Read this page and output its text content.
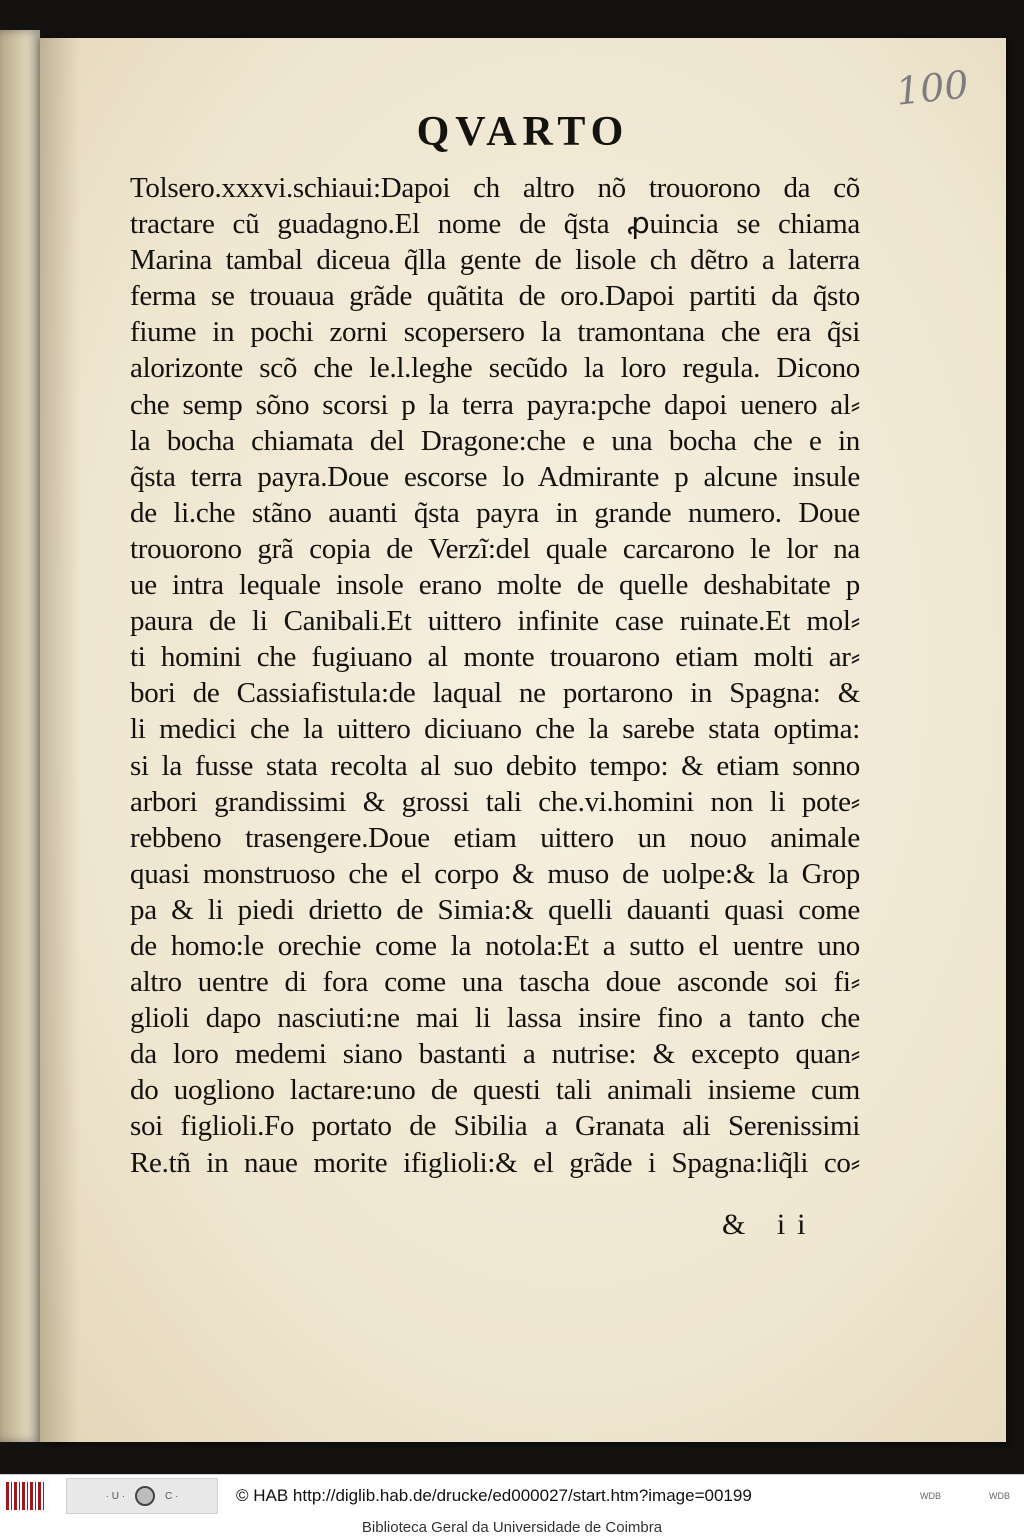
100
QVARTO
Tolsero.xxxvi.schiaui:Dapoi ch altro nõ trouorono da cõ
tractare cũ guadagno.El nome de q̃sta ꝓuincia se chiama
Marina tambal diceua q̃lla gente de lisole ch dẽtro a laterra
ferma se trouaua grãde quãtita de oro.Dapoi partiti da q̃sto
fiume in pochi zorni scopersero la tramontana che era q̃si
alorizonte scõ che le.l.leghe secũdo la loro regula. Dicono
che semp sõno scorsi p la terra payra:pche dapoi uenero al⸗
la bocha chiamata del Dragone:che e una bocha che e in
q̃sta terra payra.Doue escorse lo Admirante p alcune insule
de li.che stãno auanti q̃sta payra in grande numero. Doue
trouorono grã copia de Verzĩ:del quale carcarono le lor na
ue intra lequale insole erano molte de quelle deshabitate p
paura de li Canibali.Et uittero infinite case ruinate.Et mol⸗
ti homini che fugiuano al monte trouarono etiam molti ar⸗
bori de Cassiafistula:de laqual ne portarono in Spagna: &
li medici che la uittero diciuano che la sarebe stata optima:
si la fusse stata recolta al suo debito tempo: & etiam sonno
arbori grandissimi & grossi tali che.vi.homini non li pote⸗
rebbeno trasengere.Doue etiam uittero un nouo animale
quasi monstruoso che el corpo & muso de uolpe:& la Grop
pa & li piedi drietto de Simia:& quelli dauanti quasi come
de homo:le orechie come la notola:Et a sutto el uentre uno
altro uentre di fora come una tascha doue asconde soi fi⸗
glioli dapo nasciuti:ne mai li lassa insire fino a tanto che
da loro medemi siano bastanti a nutrise: & excepto quan⸗
do uogliono lactare:uno de questi tali animali insieme cum
soi figlioli.Fo portato de Sibilia a Granata ali Serenissimi
Re.tñ in naue morite ifiglioli:& el grãde i Spagna:liq̃li co⸗
& ii
· U ·	C ·	© HAB http://diglib.hab.de/drucke/ed000027/start.htm?image=00199	WDB	WDB
Biblioteca Geral da Universidade de Coimbra
